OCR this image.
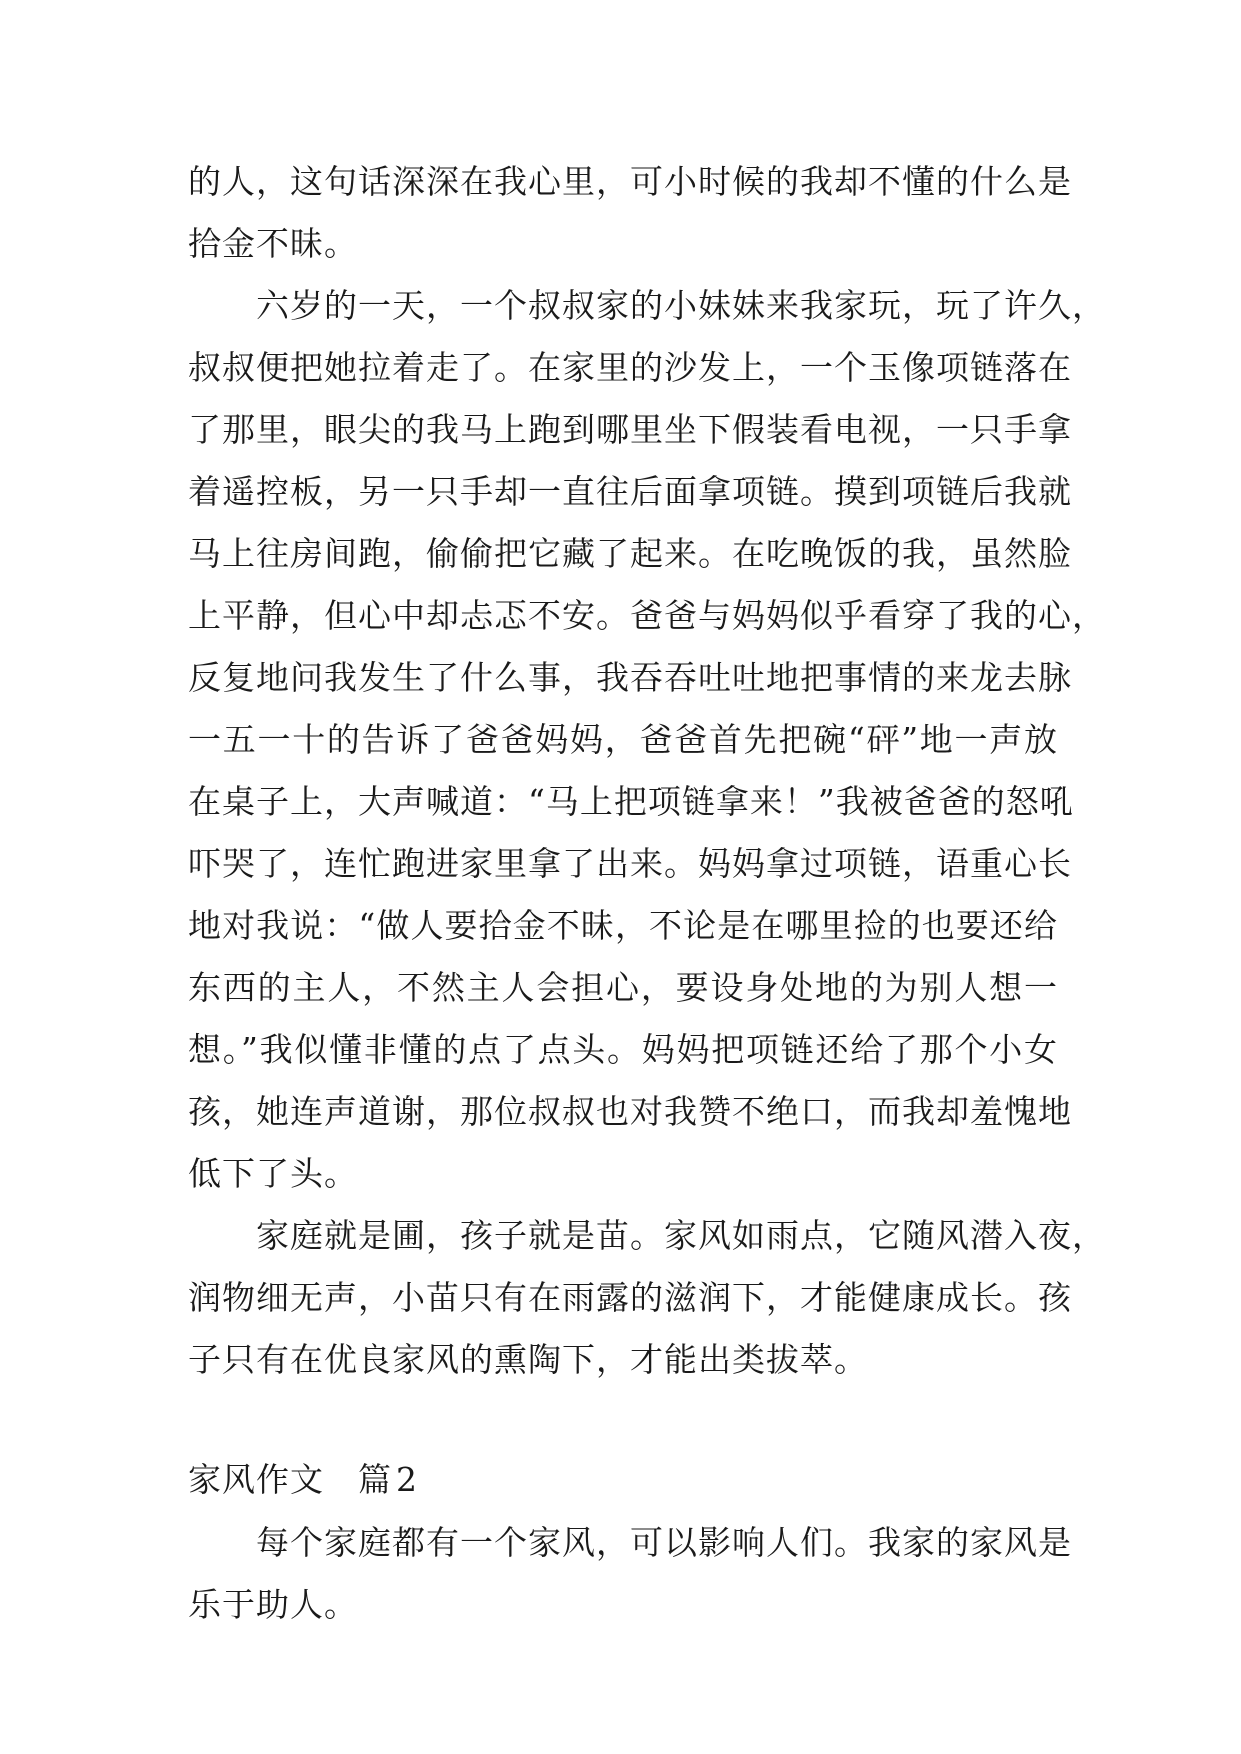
的人，这句话深深在我心里，可小时候的我却不懂的什么是
拾金不昧。
　　六岁的一天，一个叔叔家的小妹妹来我家玩，玩了许久，
叔叔便把她拉着走了。在家里的沙发上，一个玉像项链落在
了那里，眼尖的我马上跑到哪里坐下假装看电视，一只手拿
着遥控板，另一只手却一直往后面拿项链。摸到项链后我就
马上往房间跑，偷偷把它藏了起来。在吃晚饭的我，虽然脸
上平静，但心中却忐忑不安。爸爸与妈妈似乎看穿了我的心，
反复地问我发生了什么事，我吞吞吐吐地把事情的来龙去脉
一五一十的告诉了爸爸妈妈，爸爸首先把碗“砰”地一声放
在桌子上，大声喊道：“马上把项链拿来！”我被爸爸的怒吼
吓哭了，连忙跑进家里拿了出来。妈妈拿过项链，语重心长
地对我说：“做人要拾金不昧，不论是在哪里捡的也要还给
东西的主人，不然主人会担心，要设身处地的为别人想一
想。”我似懂非懂的点了点头。妈妈把项链还给了那个小女
孩，她连声道谢，那位叔叔也对我赞不绝口，而我却羞愧地
低下了头。
　　家庭就是圃，孩子就是苗。家风如雨点，它随风潜入夜，
润物细无声，小苗只有在雨露的滋润下，才能健康成长。孩
子只有在优良家风的熏陶下，才能出类拔萃。
家风作文　篇 2
　　每个家庭都有一个家风，可以影响人们。我家的家风是
乐于助人。
